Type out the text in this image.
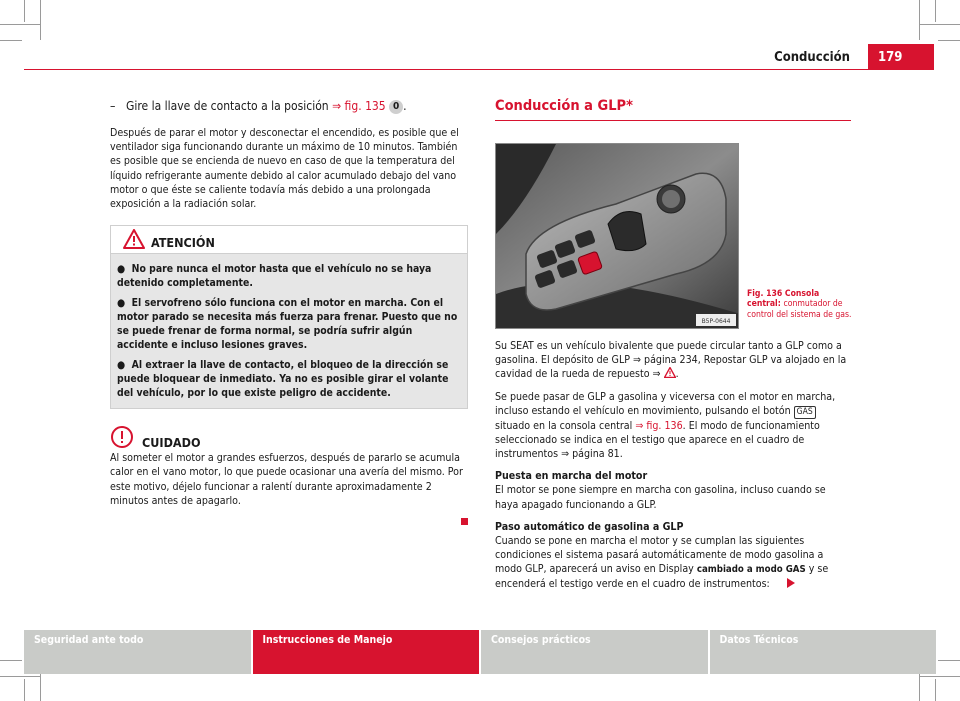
Conducción	179
– Gire la llave de contacto a la posición ⇒ fig. 135 0 .

Después de parar el motor y desconectar el encendido, es posible que el ventilador siga funcionando durante un máximo de 10 minutos. También es posible que se encienda de nuevo en caso de que la temperatura del líquido refrigerante aumente debido al calor acumulado debajo del vano motor o que éste se caliente todavía más debido a una prolongada exposición a la radiación solar.

ATENCIÓN

●  No pare nunca el motor hasta que el vehículo no se haya detenido completamente.

●  El servofreno sólo funciona con el motor en marcha. Con el motor parado se necesita más fuerza para frenar. Puesto que no se puede frenar de forma normal, se podría sufrir algún accidente e incluso lesiones graves.

●  Al extraer la llave de contacto, el bloqueo de la dirección se puede bloquear de inmediato. Ya no es posible girar el volante del vehículo, por lo que existe peligro de accidente.

CUIDADO

Al someter el motor a grandes esfuerzos, después de pararlo se acumula calor en el vano motor, lo que puede ocasionar una avería del mismo. Por este motivo, déjelo funcionar a ralentí durante aproximadamente 2 minutos antes de apagarlo.

Conducción a GLP*
B5P-0644
Fig. 136 Consola central: conmutador de control del sistema de gas.

Su SEAT es un vehículo bivalente que puede circular tanto a GLP como a gasolina. El depósito de GLP ⇒ página 234, Repostar GLP va alojado en la cavidad de la rueda de repuesto ⇒ .

Se puede pasar de GLP a gasolina y viceversa con el motor en marcha, incluso estando el vehículo en movimiento, pulsando el botón GAS situado en la consola central ⇒ fig. 136. El modo de funcionamiento seleccionado se indica en el testigo que aparece en el cuadro de instrumentos ⇒ página 81.

Puesta en marcha del motor

El motor se pone siempre en marcha con gasolina, incluso cuando se haya apagado funcionando a GLP.

Paso automático de gasolina a GLP

Cuando se pone en marcha el motor y se cumplan las siguientes condiciones el sistema pasará automáticamente de modo gasolina a modo GLP, aparecerá un aviso en Display cambiado a modo GAS y se encenderá el testigo verde en el cuadro de instrumentos:

Seguridad ante todo	Instrucciones de Manejo	Consejos prácticos	Datos Técnicos
